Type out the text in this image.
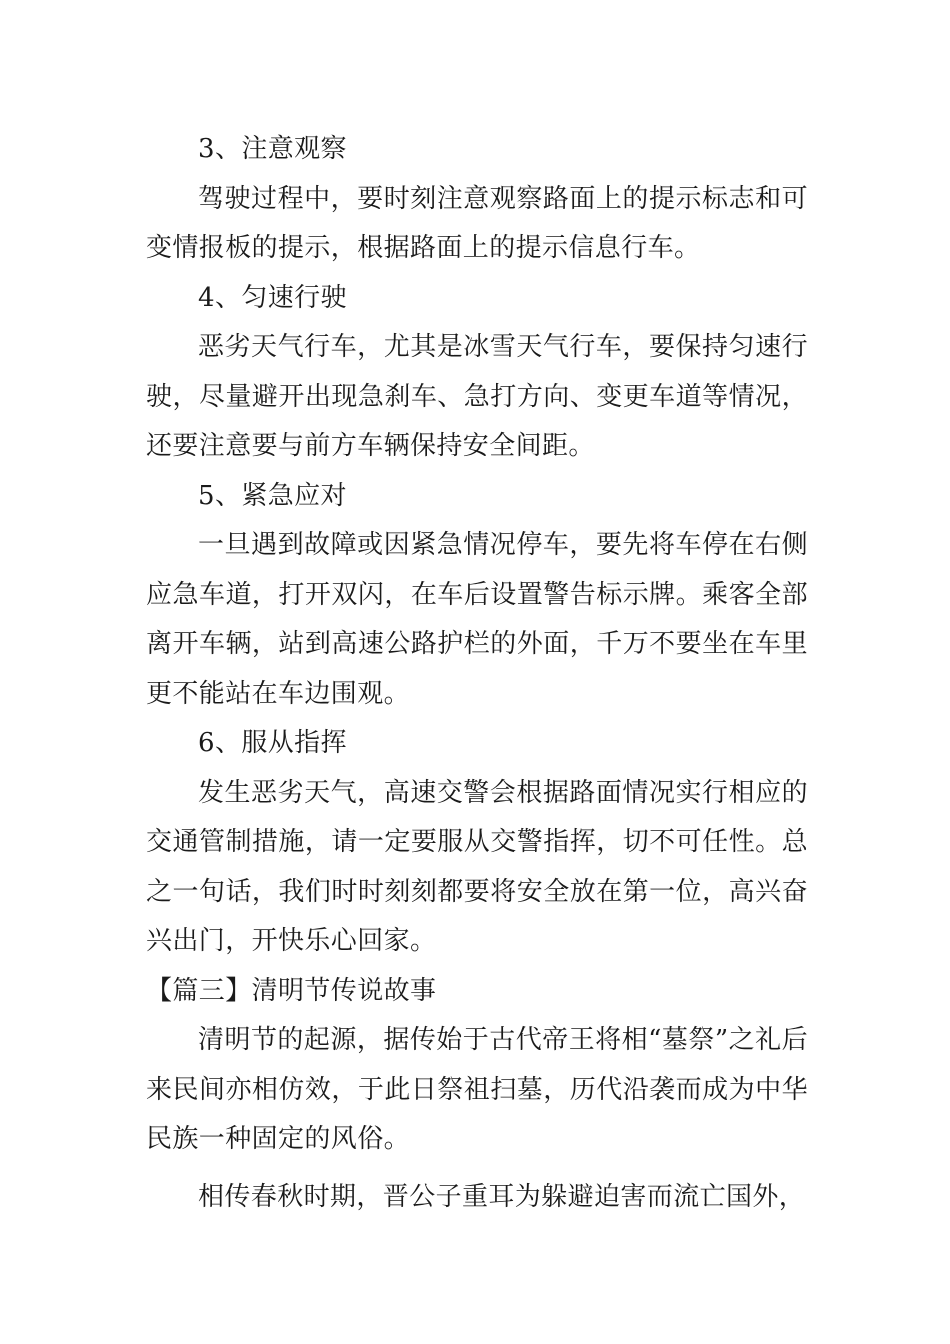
3、注意观察

驾驶过程中，要时刻注意观察路面上的提示标志和可变情报板的提示，根据路面上的提示信息行车。

4、匀速行驶

恶劣天气行车，尤其是冰雪天气行车，要保持匀速行驶，尽量避开出现急刹车、急打方向、变更车道等情况，还要注意要与前方车辆保持安全间距。

5、紧急应对

一旦遇到故障或因紧急情况停车，要先将车停在右侧应急车道，打开双闪，在车后设置警告标示牌。乘客全部离开车辆，站到高速公路护栏的外面，千万不要坐在车里更不能站在车边围观。

6、服从指挥

发生恶劣天气，高速交警会根据路面情况实行相应的交通管制措施，请一定要服从交警指挥，切不可任性。总之一句话，我们时时刻刻都要将安全放在第一位，高兴奋兴出门，开快乐心回家。

【篇三】清明节传说故事

清明节的起源，据传始于古代帝王将相“墓祭”之礼后来民间亦相仿效，于此日祭祖扫墓，历代沿袭而成为中华民族一种固定的风俗。

相传春秋时期，晋公子重耳为躲避迫害而流亡国外，
